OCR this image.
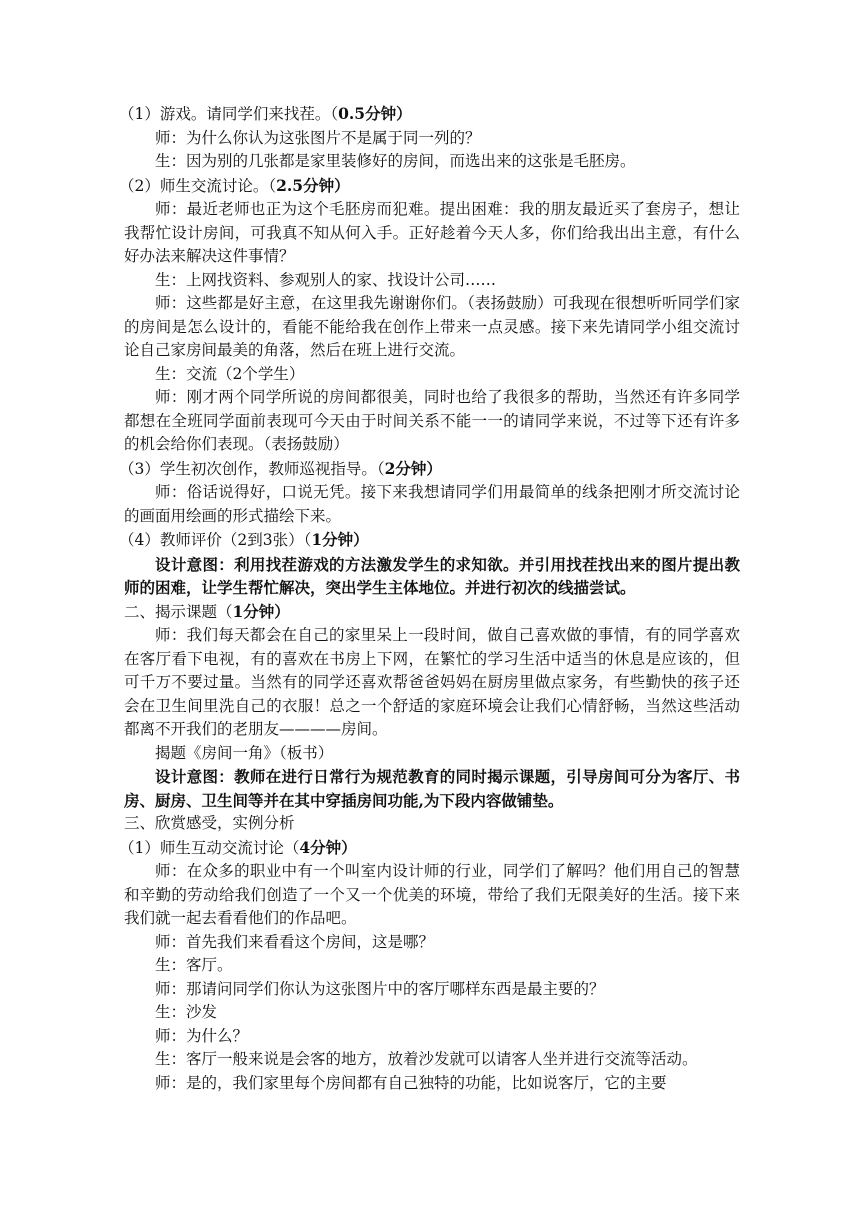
（1）游戏。请同学们来找茬。（0.5分钟）

师：为什么你认为这张图片不是属于同一列的？

生：因为别的几张都是家里装修好的房间，而选出来的这张是毛胚房。

（2）师生交流讨论。（2.5分钟）

师：最近老师也正为这个毛胚房而犯难。提出困难：我的朋友最近买了套房子，想让我帮忙设计房间，可我真不知从何入手。正好趁着今天人多，你们给我出出主意，有什么好办法来解决这件事情？

生：上网找资料、参观别人的家、找设计公司……

师：这些都是好主意，在这里我先谢谢你们。（表扬鼓励）可我现在很想听听同学们家的房间是怎么设计的，看能不能给我在创作上带来一点灵感。接下来先请同学小组交流讨论自己家房间最美的角落，然后在班上进行交流。

生：交流（2个学生）

师：刚才两个同学所说的房间都很美，同时也给了我很多的帮助，当然还有许多同学都想在全班同学面前表现可今天由于时间关系不能一一的请同学来说，不过等下还有许多的机会给你们表现。（表扬鼓励）

（3）学生初次创作，教师巡视指导。（2分钟）

师：俗话说得好，口说无凭。接下来我想请同学们用最简单的线条把刚才所交流讨论的画面用绘画的形式描绘下来。

（4）教师评价（2到3张）（1分钟）

设计意图：利用找茬游戏的方法激发学生的求知欲。并引用找茬找出来的图片提出教师的困难，让学生帮忙解决，突出学生主体地位。并进行初次的线描尝试。

二、揭示课题（1分钟）

师：我们每天都会在自己的家里呆上一段时间，做自己喜欢做的事情，有的同学喜欢在客厅看下电视，有的喜欢在书房上下网，在繁忙的学习生活中适当的休息是应该的，但可千万不要过量。当然有的同学还喜欢帮爸爸妈妈在厨房里做点家务，有些勤快的孩子还会在卫生间里洗自己的衣服！总之一个舒适的家庭环境会让我们心情舒畅，当然这些活动都离不开我们的老朋友————房间。

揭题《房间一角》（板书）

设计意图：教师在进行日常行为规范教育的同时揭示课题，引导房间可分为客厅、书房、厨房、卫生间等并在其中穿插房间功能,为下段内容做铺垫。

三、欣赏感受，实例分析

（1）师生互动交流讨论（4分钟）

师：在众多的职业中有一个叫室内设计师的行业，同学们了解吗？他们用自己的智慧和辛勤的劳动给我们创造了一个又一个优美的环境，带给了我们无限美好的生活。接下来我们就一起去看看他们的作品吧。

师：首先我们来看看这个房间，这是哪？

生：客厅。

师：那请问同学们你认为这张图片中的客厅哪样东西是最主要的？

生：沙发

师：为什么？

生：客厅一般来说是会客的地方，放着沙发就可以请客人坐并进行交流等活动。

师：是的，我们家里每个房间都有自己独特的功能，比如说客厅，它的主要
